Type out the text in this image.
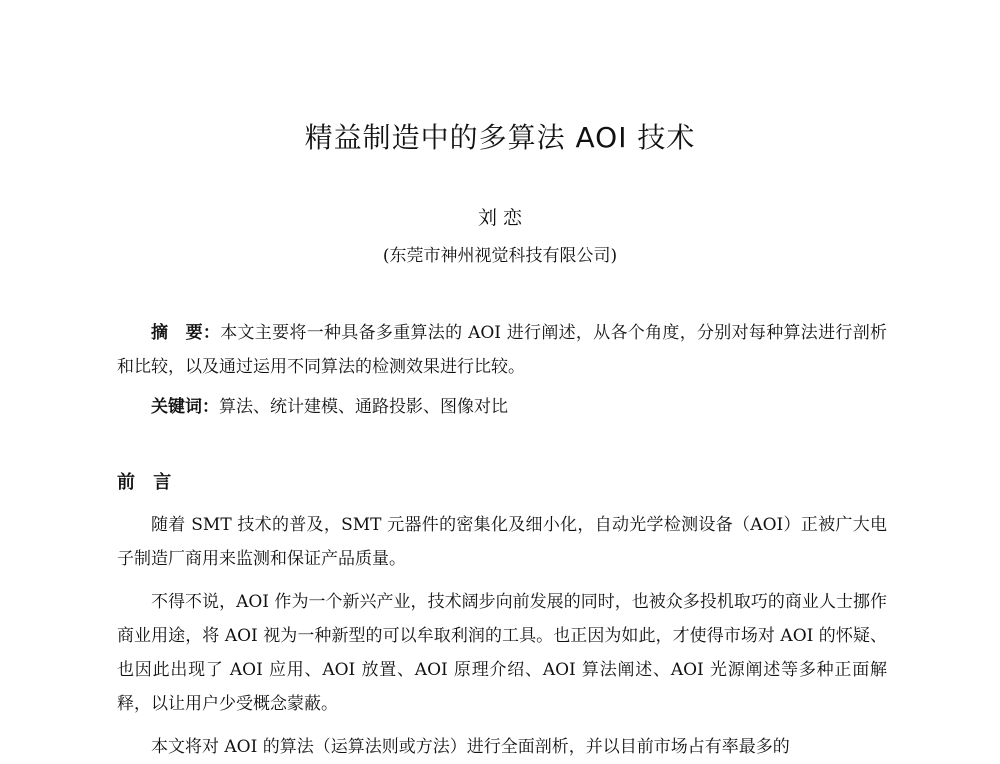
精益制造中的多算法 AOI 技术

刘 恋

(东莞市神州视觉科技有限公司)

摘　要：本文主要将一种具备多重算法的 AOI 进行阐述，从各个角度，分别对每种算法进行剖析和比较，以及通过运用不同算法的检测效果进行比较。

关键词：算法、统计建模、通路投影、图像对比

前 言

随着 SMT 技术的普及，SMT 元器件的密集化及细小化，自动光学检测设备（AOI）正被广大电子制造厂商用来监测和保证产品质量。

不得不说，AOI 作为一个新兴产业，技术阔步向前发展的同时，也被众多投机取巧的商业人士挪作商业用途，将 AOI 视为一种新型的可以牟取利润的工具。也正因为如此，才使得市场对 AOI 的怀疑、也因此出现了 AOI 应用、AOI 放置、AOI 原理介绍、AOI 算法阐述、AOI 光源阐述等多种正面解释，以让用户少受概念蒙蔽。

本文将对 AOI 的算法（运算法则或方法）进行全面剖析，并以目前市场占有率最多的
